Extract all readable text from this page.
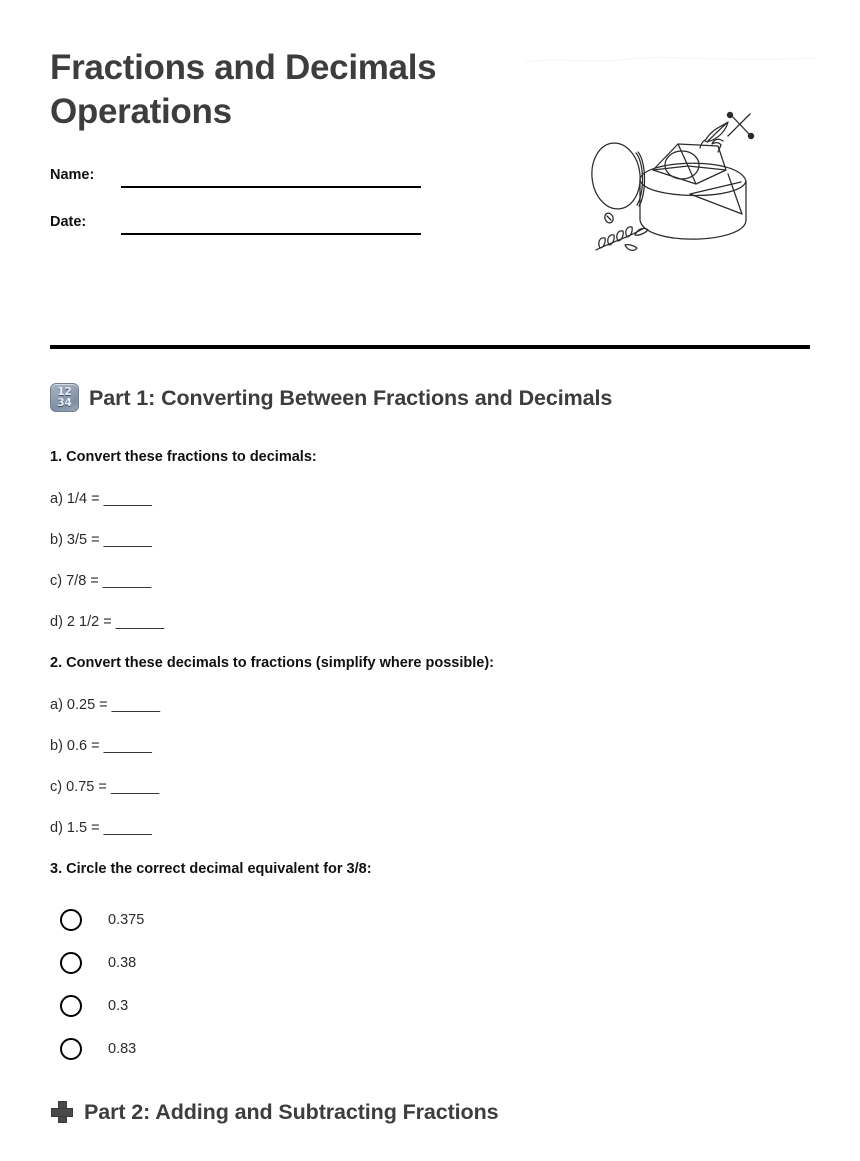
Fractions and Decimals Operations
Name:
Date:
12
34 Part 1: Converting Between Fractions and Decimals

1. Convert these fractions to decimals:

a) 1/4 = ______

b) 3/5 = ______

c) 7/8 = ______

d) 2 1/2 = ______

2. Convert these decimals to fractions (simplify where possible):

a) 0.25 = ______

b) 0.6 = ______

c) 0.75 = ______

d) 1.5 = ______

3. Circle the correct decimal equivalent for 3/8:

0.375
0.38
0.3
0.83
Part 2: Adding and Subtracting Fractions
